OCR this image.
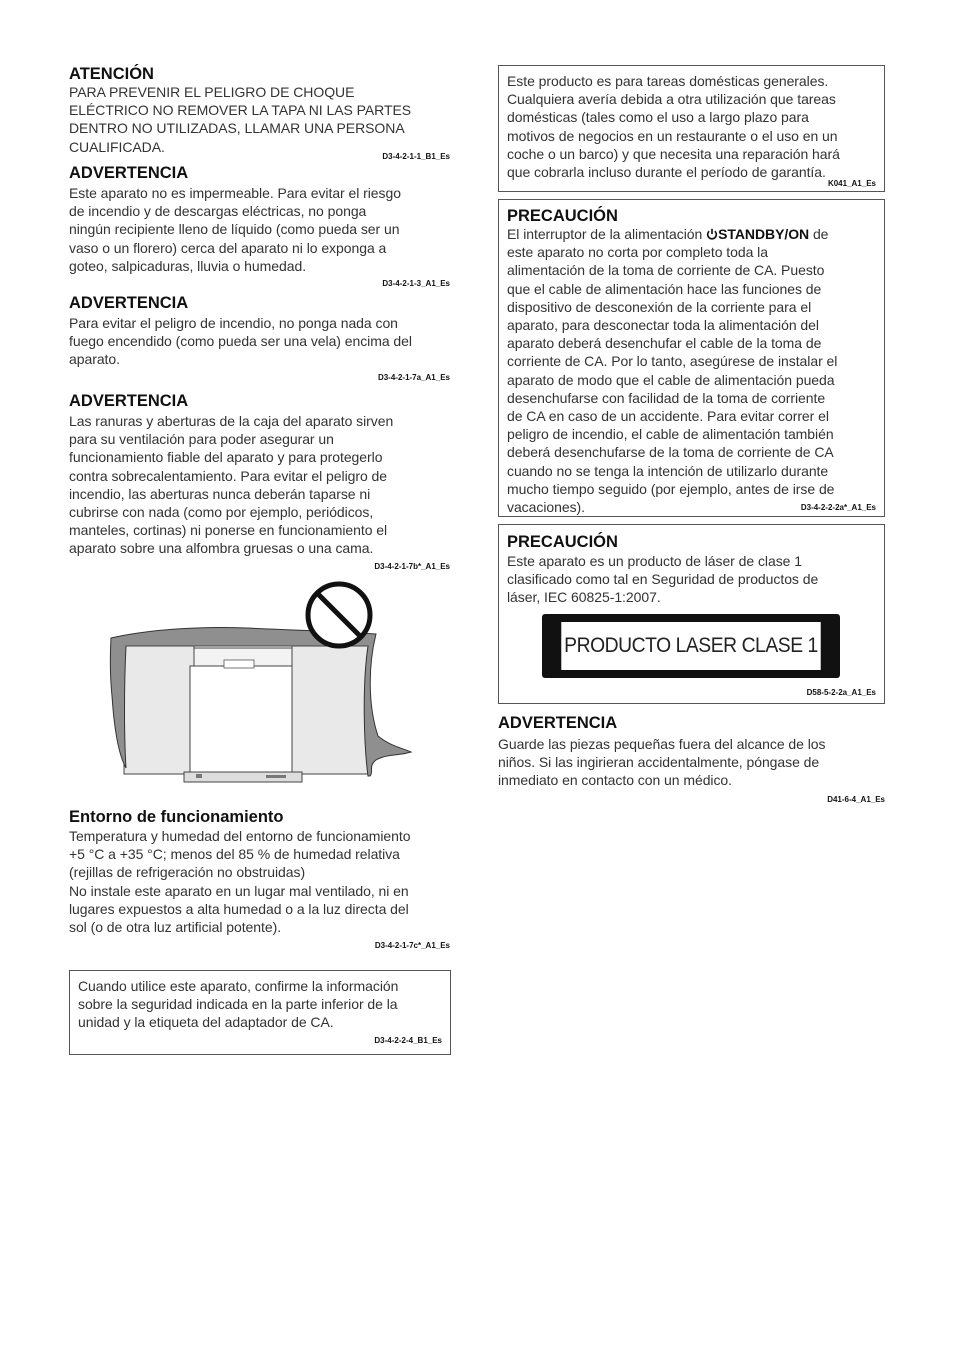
ATENCIÓN
PARA PREVENIR EL PELIGRO DE CHOQUE
ELÉCTRICO NO REMOVER LA TAPA NI LAS PARTES
DENTRO NO UTILIZADAS, LLAMAR UNA PERSONA
CUALIFICADA.
D3-4-2-1-1_B1_Es
ADVERTENCIA
Este aparato no es impermeable. Para evitar el riesgo
de incendio y de descargas eléctricas, no ponga
ningún recipiente lleno de líquido (como pueda ser un
vaso o un florero) cerca del aparato ni lo exponga a
goteo, salpicaduras, lluvia o humedad.
D3-4-2-1-3_A1_Es
ADVERTENCIA
Para evitar el peligro de incendio, no ponga nada con
fuego encendido (como pueda ser una vela) encima del
aparato.
D3-4-2-1-7a_A1_Es
ADVERTENCIA
Las ranuras y aberturas de la caja del aparato sirven
para su ventilación para poder asegurar un
funcionamiento fiable del aparato y para protegerlo
contra sobrecalentamiento. Para evitar el peligro de
incendio, las aberturas nunca deberán taparse ni
cubrirse con nada (como por ejemplo, periódicos,
manteles, cortinas) ni ponerse en funcionamiento el
aparato sobre una alfombra gruesas o una cama.
D3-4-2-1-7b*_A1_Es
Entorno de funcionamiento
Temperatura y humedad del entorno de funcionamiento
+5 °C a +35 °C; menos del 85 % de humedad relativa
(rejillas de refrigeración no obstruidas)
No instale este aparato en un lugar mal ventilado, ni en
lugares expuestos a alta humedad o a la luz directa del
sol (o de otra luz artificial potente).
D3-4-2-1-7c*_A1_Es
Cuando utilice este aparato, confirme la información
sobre la seguridad indicada en la parte inferior de la
unidad y la etiqueta del adaptador de CA.
D3-4-2-2-4_B1_Es
Este producto es para tareas domésticas generales.
Cualquiera avería debida a otra utilización que tareas
domésticas (tales como el uso a largo plazo para
motivos de negocios en un restaurante o el uso en un
coche o un barco) y que necesita una reparación hará
que cobrarla incluso durante el período de garantía.
K041_A1_Es
PRECAUCIÓN
El interruptor de la alimentación STANDBY/ON de
este aparato no corta por completo toda la
alimentación de la toma de corriente de CA. Puesto
que el cable de alimentación hace las funciones de
dispositivo de desconexión de la corriente para el
aparato, para desconectar toda la alimentación del
aparato deberá desenchufar el cable de la toma de
corriente de CA. Por lo tanto, asegúrese de instalar el
aparato de modo que el cable de alimentación pueda
desenchufarse con facilidad de la toma de corriente
de CA en caso de un accidente. Para evitar correr el
peligro de incendio, el cable de alimentación también
deberá desenchufarse de la toma de corriente de CA
cuando no se tenga la intención de utilizarlo durante
mucho tiempo seguido (por ejemplo, antes de irse de
vacaciones).	D3-4-2-2-2a*_A1_Es
PRECAUCIÓN
Este aparato es un producto de láser de clase 1
clasificado como tal en Seguridad de productos de
láser, IEC 60825-1:2007.
PRODUCTO LASER CLASE 1
D58-5-2-2a_A1_Es
ADVERTENCIA
Guarde las piezas pequeñas fuera del alcance de los
niños. Si las ingirieran accidentalmente, póngase de
inmediato en contacto con un médico.
D41-6-4_A1_Es
